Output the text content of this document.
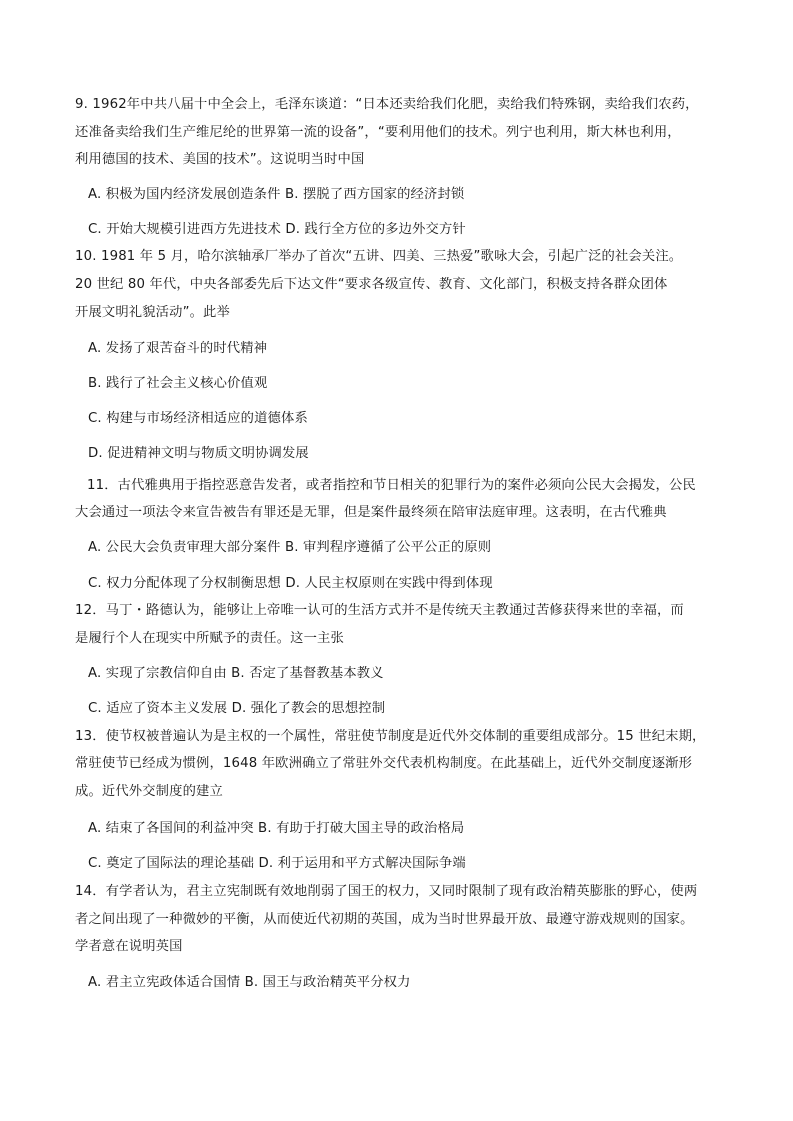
9. 1962年中共八届十中全会上，毛泽东谈道：“日本还卖给我们化肥，卖给我们特殊钢，卖给我们农药，
还准备卖给我们生产维尼纶的世界第一流的设备”，“要利用他们的技术。列宁也利用，斯大林也利用，
利用德国的技术、美国的技术”。这说明当时中国
A. 积极为国内经济发展创造条件 B. 摆脱了西方国家的经济封锁
C. 开始大规模引进西方先进技术 D. 践行全方位的多边外交方针
10. 1981 年 5 月，哈尔滨轴承厂举办了首次“五讲、四美、三热爱”歌咏大会，引起广泛的社会关注。
20 世纪 80 年代，中央各部委先后下达文件“要求各级宣传、教育、文化部门，积极支持各群众团体
开展文明礼貌活动”。此举
A. 发扬了艰苦奋斗的时代精神
B. 践行了社会主义核心价值观
C. 构建与市场经济相适应的道德体系
D. 促进精神文明与物质文明协调发展
11．古代雅典用于指控恶意告发者，或者指控和节日相关的犯罪行为的案件必须向公民大会揭发，公民
大会通过一项法令来宣告被告有罪还是无罪，但是案件最终须在陪审法庭审理。这表明，在古代雅典
A. 公民大会负责审理大部分案件 B. 审判程序遵循了公平公正的原则
C. 权力分配体现了分权制衡思想 D. 人民主权原则在实践中得到体现
12．马丁・路德认为，能够让上帝唯一认可的生活方式并不是传统天主教通过苦修获得来世的幸福，而
是履行个人在现实中所赋予的责任。这一主张
A. 实现了宗教信仰自由 B. 否定了基督教基本教义
C. 适应了资本主义发展 D. 强化了教会的思想控制
13．使节权被普遍认为是主权的一个属性，常驻使节制度是近代外交体制的重要组成部分。15 世纪末期，
常驻使节已经成为惯例，1648 年欧洲确立了常驻外交代表机构制度。在此基础上，近代外交制度逐渐形
成。近代外交制度的建立
A. 结束了各国间的利益冲突 B. 有助于打破大国主导的政治格局
C. 奠定了国际法的理论基础 D. 利于运用和平方式解决国际争端
14．有学者认为，君主立宪制既有效地削弱了国王的权力，又同时限制了现有政治精英膨胀的野心，使两
者之间出现了一种微妙的平衡，从而使近代初期的英国，成为当时世界最开放、最遵守游戏规则的国家。
学者意在说明英国
A. 君主立宪政体适合国情 B. 国王与政治精英平分权力
